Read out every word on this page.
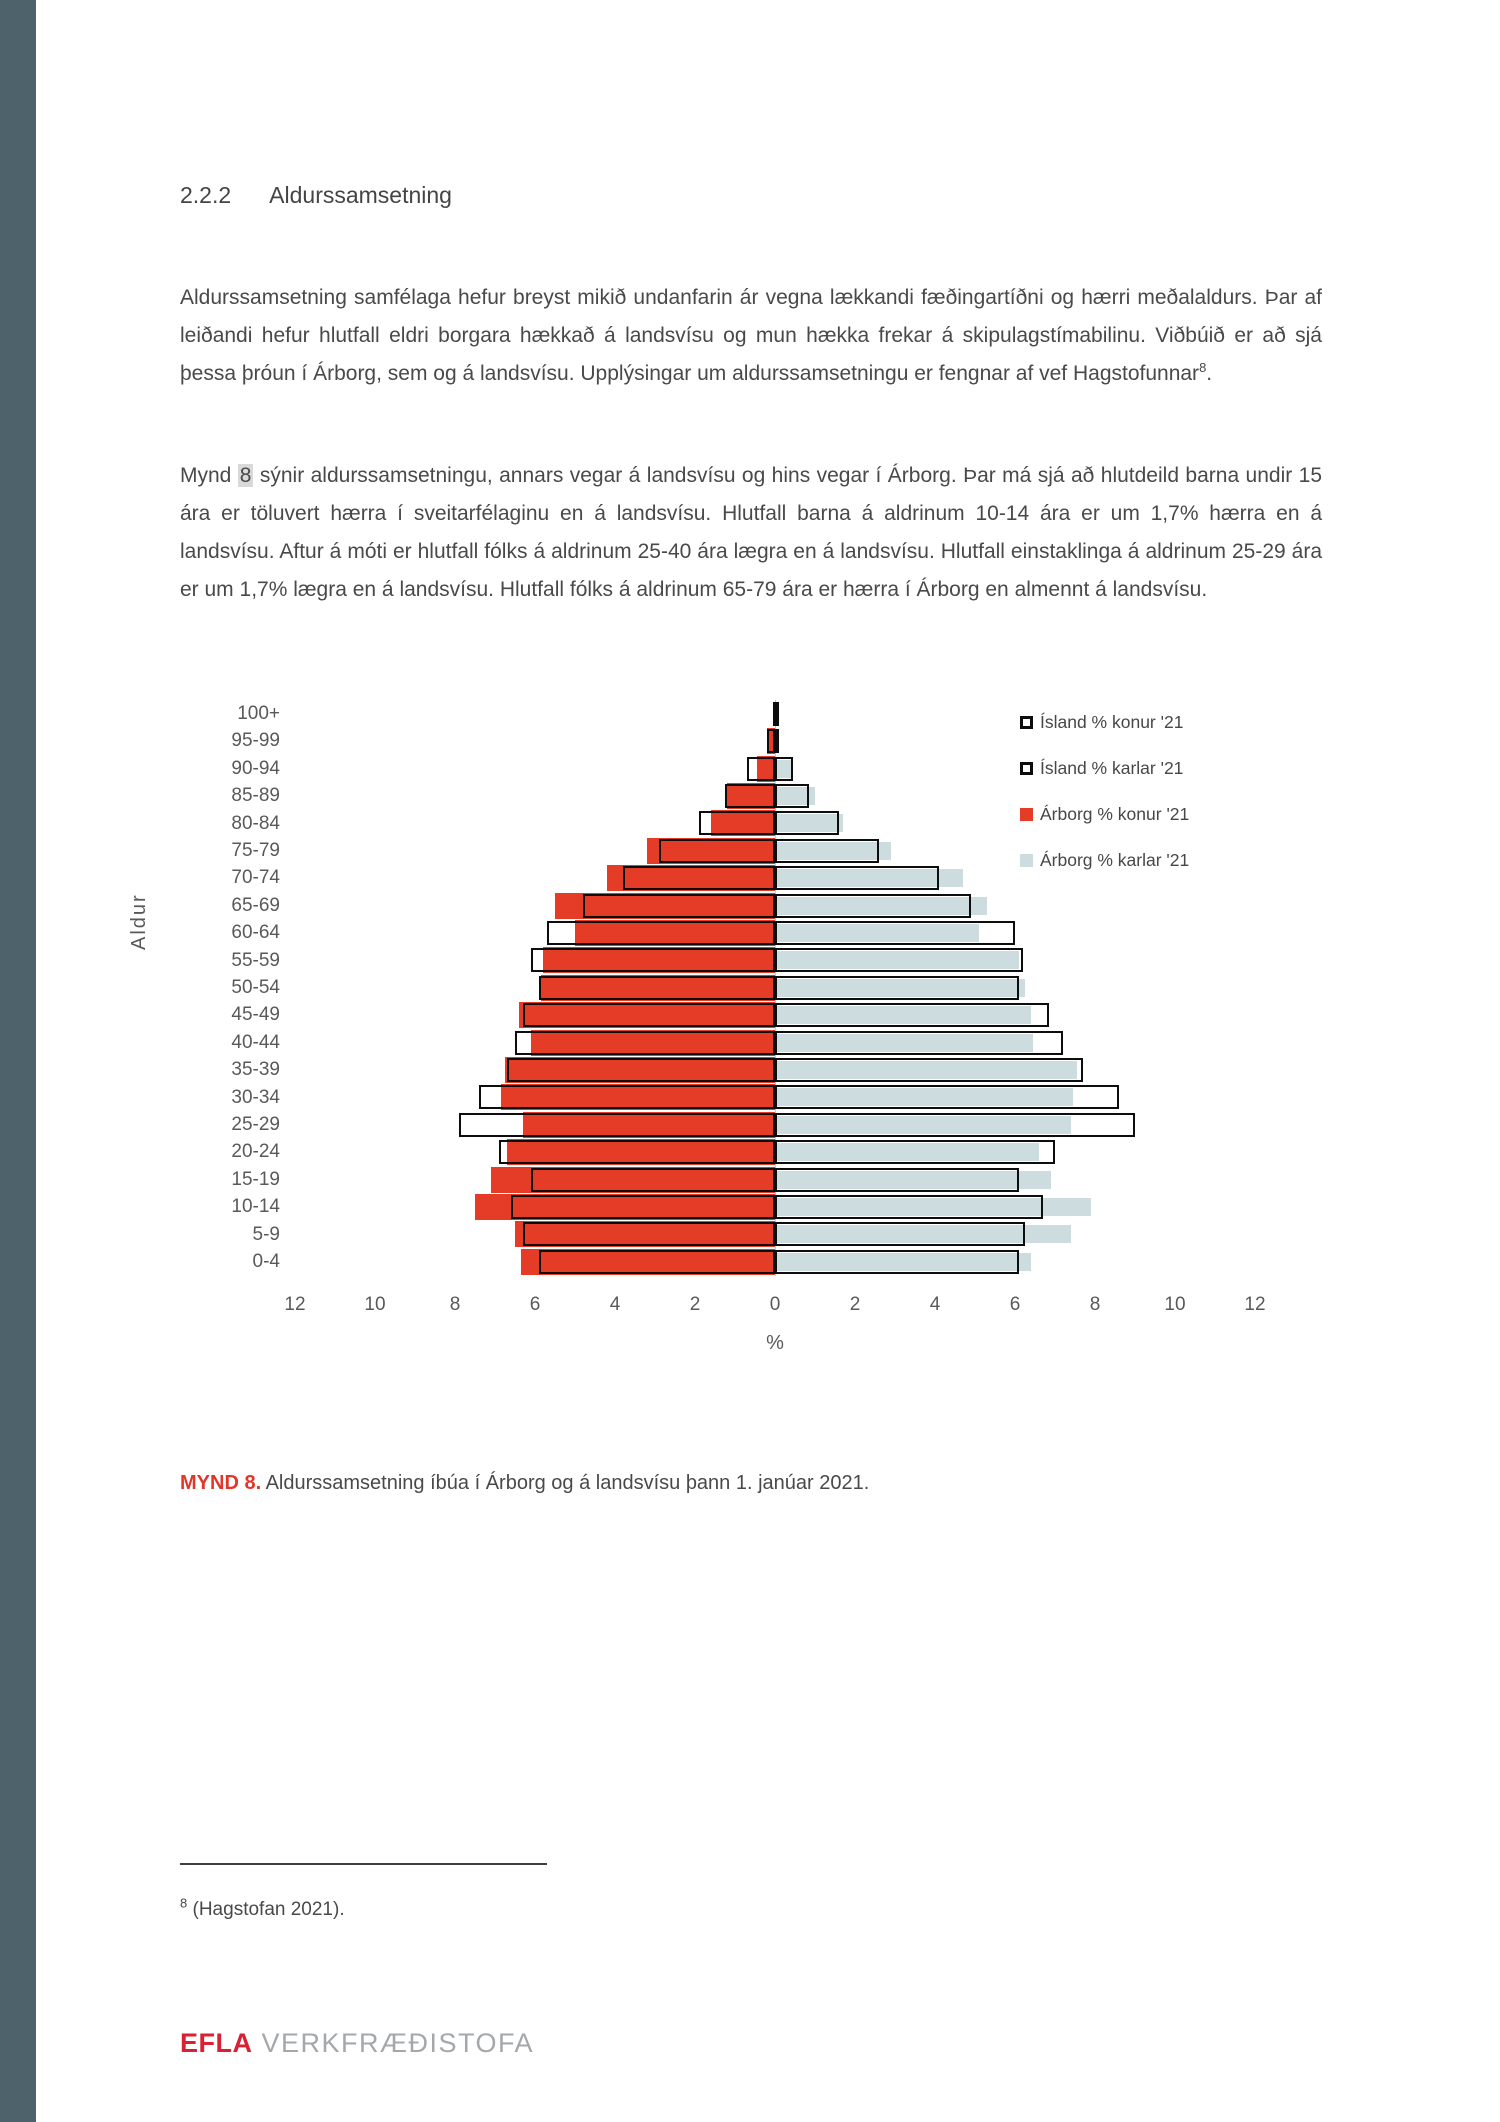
2.2.2 Aldurssamsetning

Aldurssamsetning samfélaga hefur breyst mikið undanfarin ár vegna lækkandi fæðingartíðni og hærri meðalaldurs. Þar af leiðandi hefur hlutfall eldri borgara hækkað á landsvísu og mun hækka frekar á skipulagstímabilinu. Viðbúið er að sjá þessa þróun í Árborg, sem og á landsvísu. Upplýsingar um aldurssamsetningu er fengnar af vef Hagstofunnar$^8$.

Mynd 8 sýnir aldurssamsetningu, annars vegar á landsvísu og hins vegar í Árborg. Þar má sjá að hlutdeild barna undir 15 ára er töluvert hærra í sveitarfélaginu en á landsvísu. Hlutfall barna á aldrinum 10-14 ára er um 1,7% hærra en á landsvísu. Aftur á móti er hlutfall fólks á aldrinum 25-40 ára lægra en á landsvísu. Hlutfall einstaklinga á aldrinum 25-29 ára er um 1,7% lægra en á landsvísu. Hlutfall fólks á aldrinum 65-79 ára er hærra í Árborg en almennt á landsvísu.

Aldur
100+
95-99
90-94
85-89
80-84
75-79
70-74
65-69
60-64
55-59
50-54
45-49
40-44
35-39
30-34
25-29
20-24
15-19
10-14
5-9
0-4
12	10	8	6	4	2	0	2	4	6	8	10	12
%
Ísland % konur '21
Ísland % karlar '21
Árborg % konur '21
Árborg % karlar '21

MYND 8. Aldurssamsetning íbúa í Árborg og á landsvísu þann 1. janúar 2021.

$^8$ (Hagstofan 2021).

EFLA VERKFRÆÐISTOFA
